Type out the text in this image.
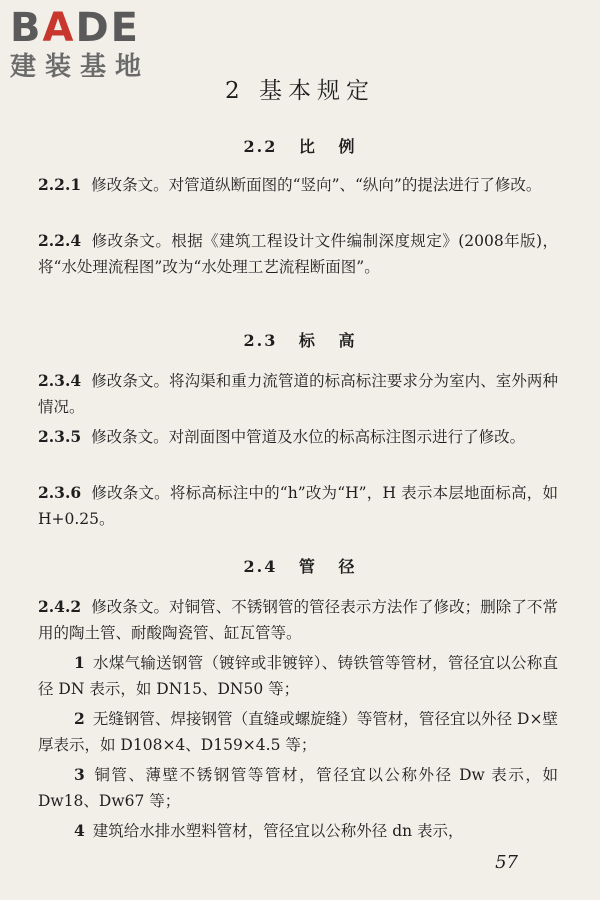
BADE
建装基地
2 基本规定
2.2 比 例
2.2.1 修改条文。对管道纵断面图的“竖向”、“纵向”的提法进行了修改。
2.2.4 修改条文。根据《建筑工程设计文件编制深度规定》(2008年版)，将“水处理流程图”改为“水处理工艺流程断面图”。
2.3 标 高
2.3.4 修改条文。将沟渠和重力流管道的标高标注要求分为室内、室外两种情况。
2.3.5 修改条文。对剖面图中管道及水位的标高标注图示进行了修改。
2.3.6 修改条文。将标高标注中的“h”改为“H”，H 表示本层地面标高，如 H+0.25。
2.4 管 径
2.4.2 修改条文。对铜管、不锈钢管的管径表示方法作了修改；删除了不常用的陶土管、耐酸陶瓷管、缸瓦管等。
1 水煤气输送钢管（镀锌或非镀锌）、铸铁管等管材，管径宜以公称直径 DN 表示，如 DN15、DN50 等；
2 无缝钢管、焊接钢管（直缝或螺旋缝）等管材，管径宜以外径 D×壁厚表示，如 D108×4、D159×4.5 等；
3 铜管、薄壁不锈钢管等管材，管径宜以公称外径 Dw 表示，如 Dw18、Dw67 等；
4 建筑给水排水塑料管材，管径宜以公称外径 dn 表示，
57
